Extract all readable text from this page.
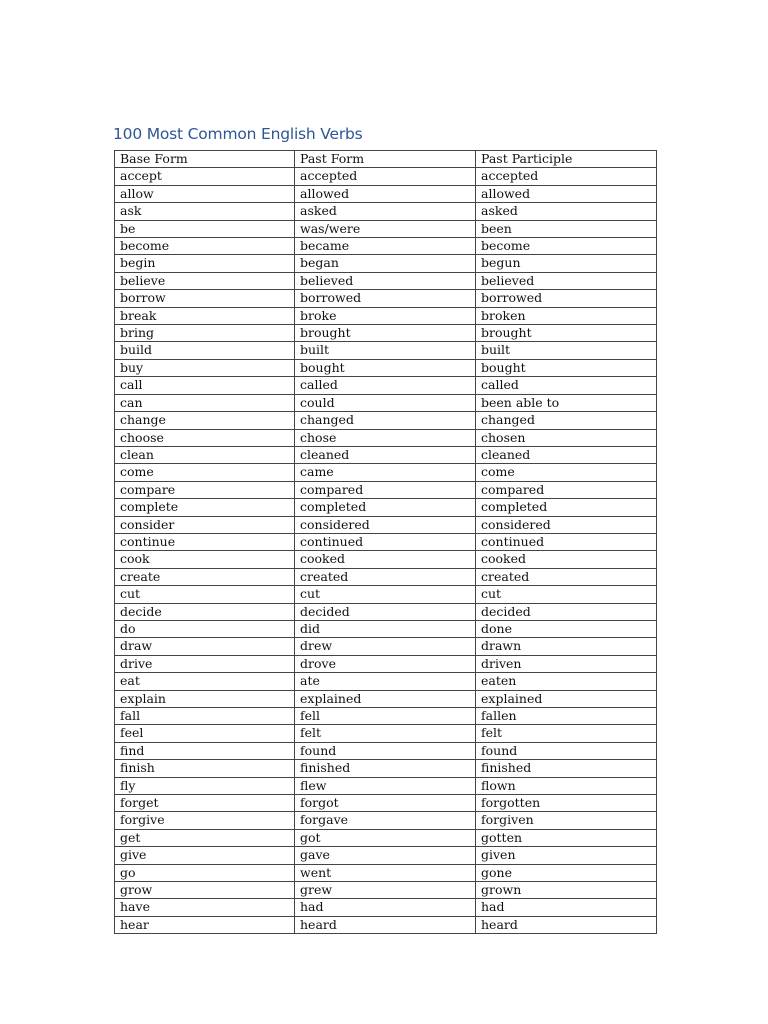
100 Most Common English Verbs
Base Form	Past Form	Past Participle
accept	accepted	accepted
allow	allowed	allowed
ask	asked	asked
be	was/were	been
become	became	become
begin	began	begun
believe	believed	believed
borrow	borrowed	borrowed
break	broke	broken
bring	brought	brought
build	built	built
buy	bought	bought
call	called	called
can	could	been able to
change	changed	changed
choose	chose	chosen
clean	cleaned	cleaned
come	came	come
compare	compared	compared
complete	completed	completed
consider	considered	considered
continue	continued	continued
cook	cooked	cooked
create	created	created
cut	cut	cut
decide	decided	decided
do	did	done
draw	drew	drawn
drive	drove	driven
eat	ate	eaten
explain	explained	explained
fall	fell	fallen
feel	felt	felt
find	found	found
finish	finished	finished
fly	flew	flown
forget	forgot	forgotten
forgive	forgave	forgiven
get	got	gotten
give	gave	given
go	went	gone
grow	grew	grown
have	had	had
hear	heard	heard
